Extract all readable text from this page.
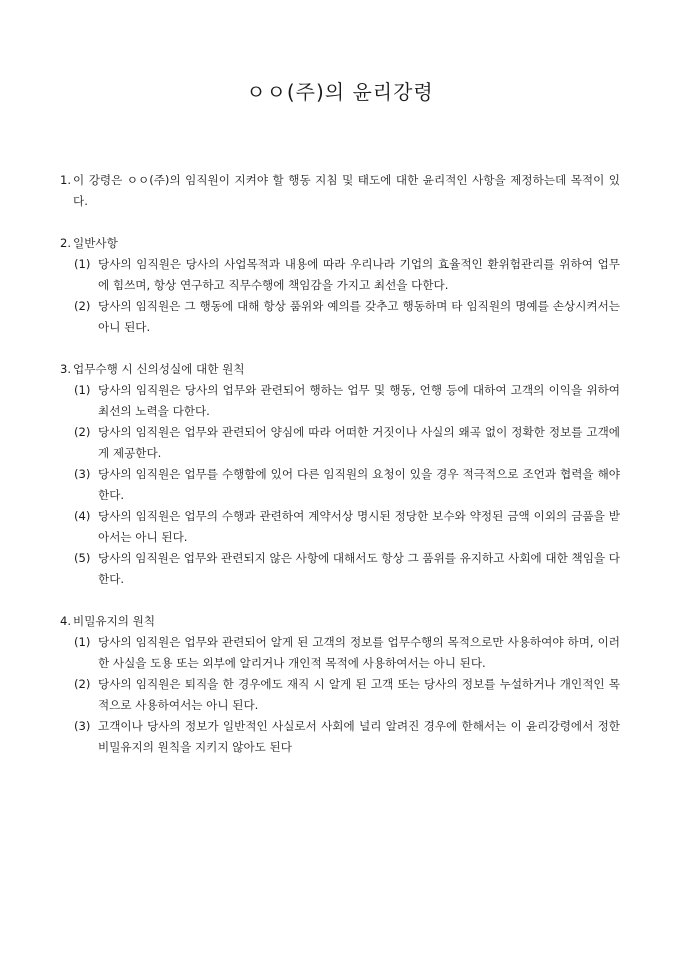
ㅇㅇ(주)의 윤리강령
1. 이 강령은 ㅇㅇ(주)의 임직원이 지켜야 할 행동 지침 및 태도에 대한 윤리적인 사항을 제정하는데 목적이 있다.
2. 일반사항
(1) 당사의 임직원은 당사의 사업목적과 내용에 따라 우리나라 기업의 효율적인 환위험관리를 위하여 업무에 힘쓰며, 항상 연구하고 직무수행에 책임감을 가지고 최선을 다한다.
(2) 당사의 임직원은 그 행동에 대해 항상 품위와 예의를 갖추고 행동하며 타 임직원의 명예를 손상시켜서는 아니 된다.
3. 업무수행 시 신의성실에 대한 원칙
(1) 당사의 임직원은 당사의 업무와 관련되어 행하는 업무 및 행동, 언행 등에 대하여 고객의 이익을 위하여 최선의 노력을 다한다.
(2) 당사의 임직원은 업무와 관련되어 양심에 따라 어떠한 거짓이나 사실의 왜곡 없이 정확한 정보를 고객에게 제공한다.
(3) 당사의 임직원은 업무를 수행함에 있어 다른 임직원의 요청이 있을 경우 적극적으로 조언과 협력을 해야 한다.
(4) 당사의 임직원은 업무의 수행과 관련하여 계약서상 명시된 정당한 보수와 약정된 금액 이외의 금품을 받아서는 아니 된다.
(5) 당사의 임직원은 업무와 관련되지 않은 사항에 대해서도 항상 그 품위를 유지하고 사회에 대한 책임을 다한다.
4. 비밀유지의 원칙
(1) 당사의 임직원은 업무와 관련되어 알게 된 고객의 정보를 업무수행의 목적으로만 사용하여야 하며, 이러한 사실을 도용 또는 외부에 알리거나 개인적 목적에 사용하여서는 아니 된다.
(2) 당사의 임직원은 퇴직을 한 경우에도 재직 시 알게 된 고객 또는 당사의 정보를 누설하거나 개인적인 목적으로 사용하여서는 아니 된다.
(3) 고객이나 당사의 정보가 일반적인 사실로서 사회에 널리 알려진 경우에 한해서는 이 윤리강령에서 정한 비밀유지의 원칙을 지키지 않아도 된다
